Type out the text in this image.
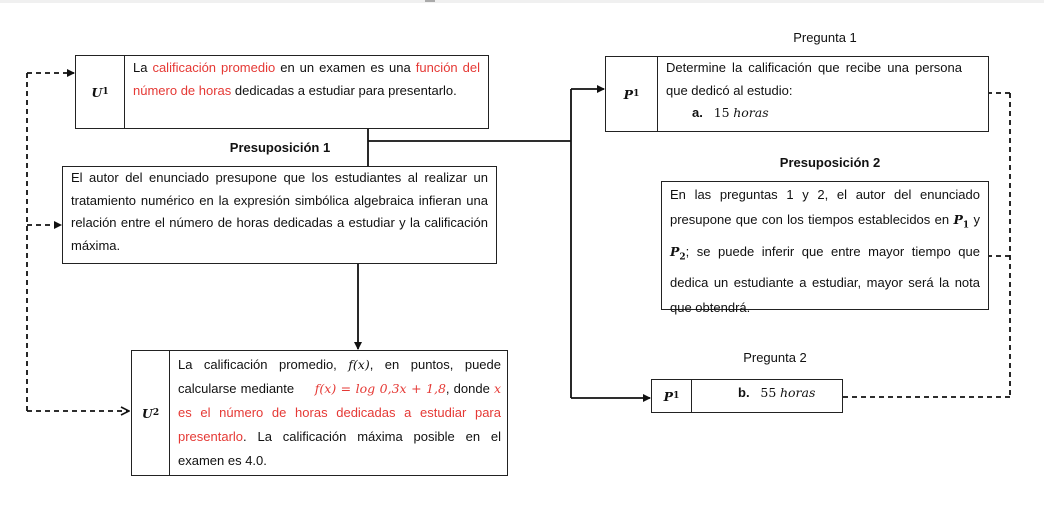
U 1
La calificación promedio en un examen es una función del número de horas dedicadas a estudiar para presentarlo.
Presuposición 1
El autor del enunciado presupone que los estudiantes al realizar un tratamiento numérico en la expresión simbólica algebraica infieran una relación entre el número de horas dedicadas a estudiar y la calificación máxima.
U 2
La calificación promedio, f(x), en puntos, puede calcularse mediante     f(x) = log 0,3x + 1,8, donde x es el número de horas dedicadas a estudiar para presentarlo. La calificación máxima posible en el examen es 4.0.
Pregunta 1
P 1
Determine la calificación que recibe una persona que dedicó al estudio:
a. 15 horas
Presuposición 2
En las preguntas 1 y 2, el autor del enunciado presupone que con los tiempos establecidos en $P_1$ y $P_2$; se puede inferir que entre mayor tiempo que dedica un estudiante a estudiar, mayor será la nota que obtendrá.
Pregunta 2
P 1	b. 55 horas
